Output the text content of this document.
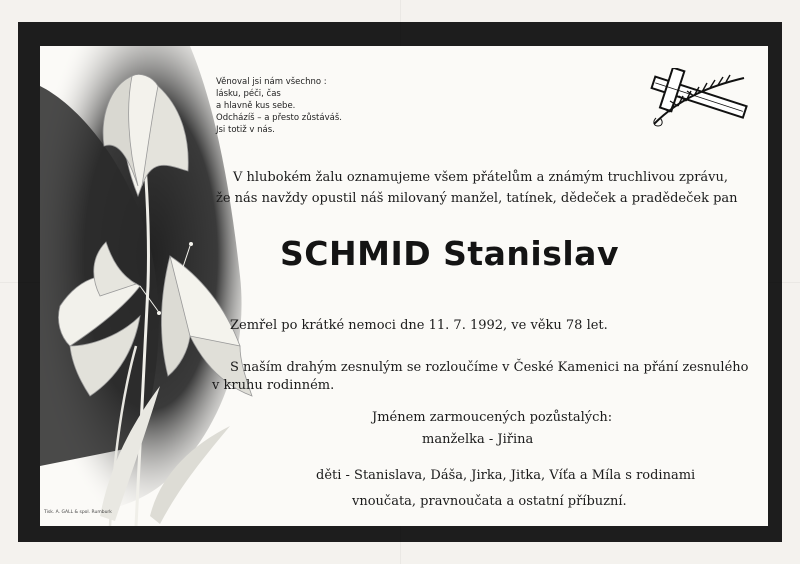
Věnoval jsi nám všechno :
lásku, péči, čas
a hlavně kus sebe.
Odcházíš – a přesto zůstáváš.
Jsi totiž v nás.
V hlubokém žalu oznamujeme všem přátelům a známým truchlivou zprávu,
že nás navždy opustil náš milovaný manžel, tatínek, dědeček a pradědeček pan
SCHMID Stanislav
Zemřel po krátké nemoci dne 11. 7. 1992, ve věku 78 let.
S naším drahým zesnulým se rozloučíme v České Kamenici na přání zesnulého
v kruhu rodinném.
Jménem zarmoucených pozůstalých:
manželka - Jiřina
děti - Stanislava, Dáša, Jirka, Jitka, Víťa a Míla s rodinami
vnoučata, pravnoučata a ostatní příbuzní.
Tisk. A. GALL & spol. Rumburk
